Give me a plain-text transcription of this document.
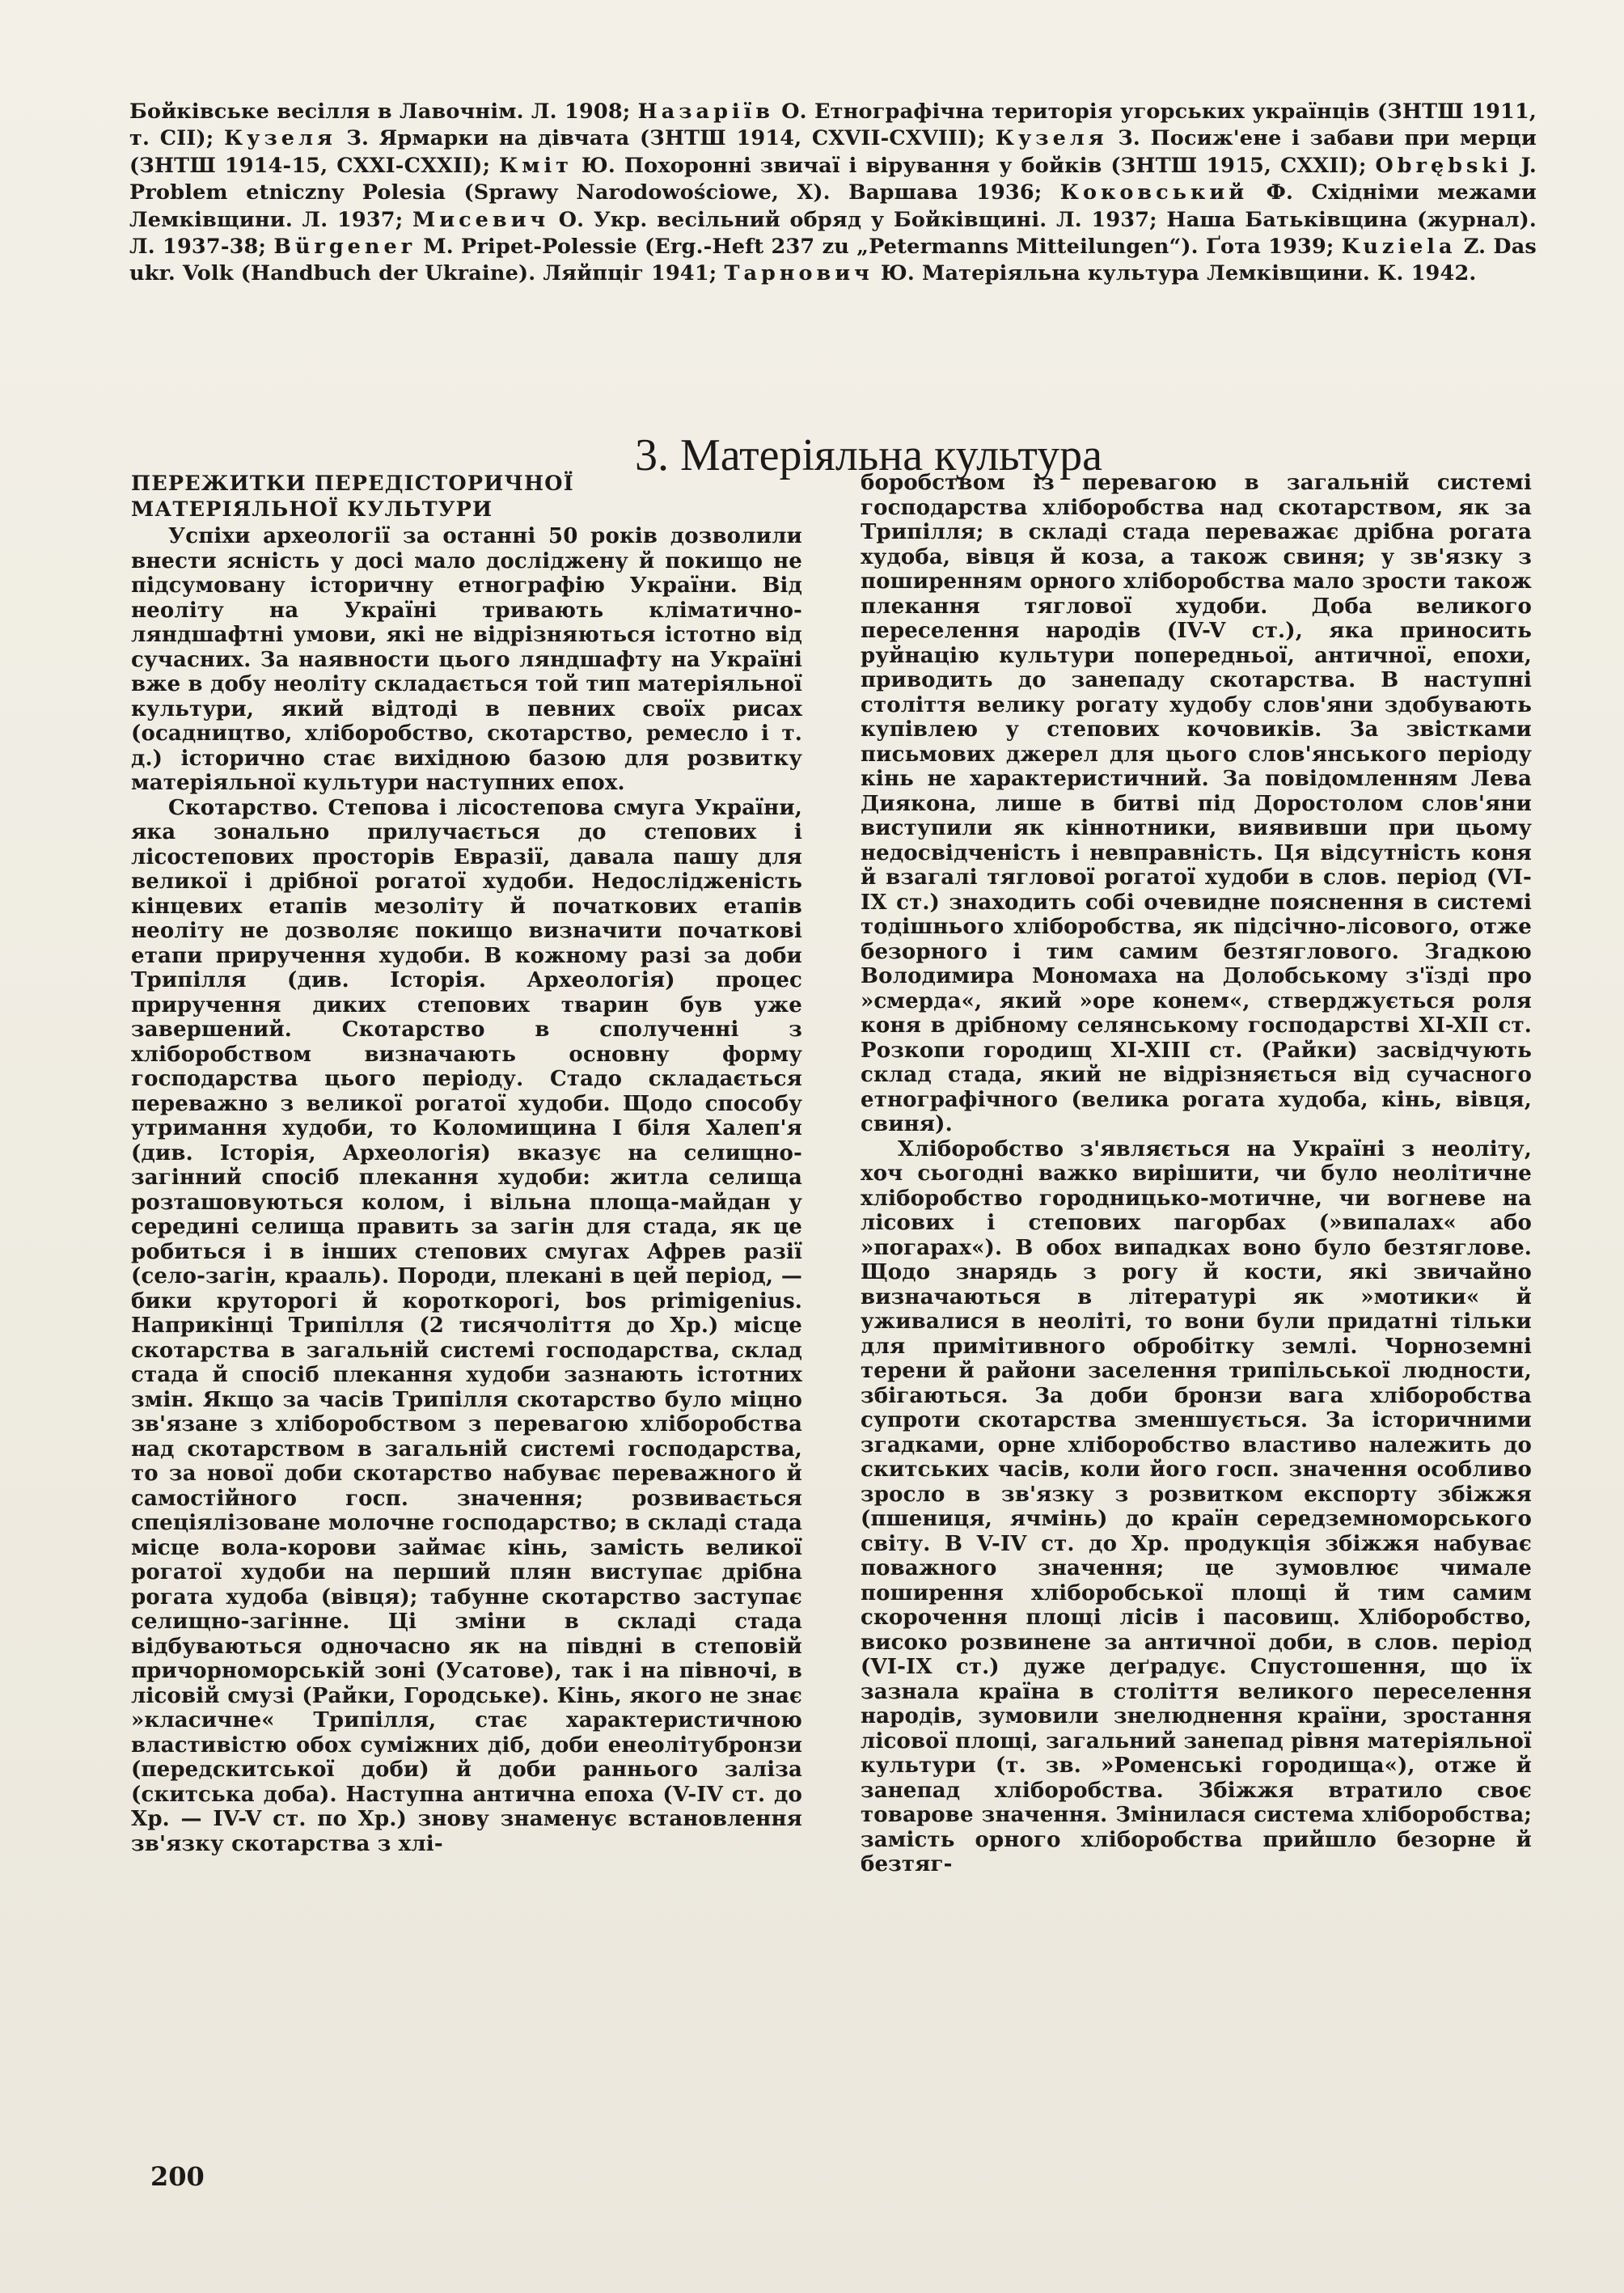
Бойківське весілля в Лавочнім. Л. 1908; Назарiїв О. Етнографічна територія угорських українців (ЗНТШ 1911, т. СІІ); Кузеля З. Ярмарки на дівчата (ЗНТШ 1914, CXVII-CXVIII); Кузеля З. Посиж'ене і забави при мерци (ЗНТШ 1914-15, CXXI-CXXII); Кміт Ю. Похоронні звичаї і вірування у бойків (ЗНТШ 1915, CXXII); Obrębski J. Problem etniczny Polesia (Sprawy Narodowościowe, X). Варшава 1936; Коковський Ф. Східніми межами Лемківщини. Л. 1937; Мисевич О. Укр. весільний обряд у Бойківщині. Л. 1937; Наша Батьківщина (журнал). Л. 1937-38; Bürgener M. Pripet-Polessie (Erg.-Heft 237 zu „Petermanns Mitteilungen“). Ґота 1939; Kuziela Z. Das ukr. Volk (Handbuch der Ukraine). Ляйпціг 1941; Тарнович Ю. Матеріяльна культура Лемківщини. К. 1942.
3. Матеріяльна культура
ПЕРЕЖИТКИ ПЕРЕДІСТОРИЧНОЇ
МАТЕРІЯЛЬНОЇ КУЛЬТУРИ

Успіхи археології за останні 50 років дозволили внести ясність у досі мало досліджену й покищо не підсумовану історичну етнографію України. Від неоліту на Україні тривають кліматично-ляндшафтні умови, які не відрізняються істотно від сучасних. За наявности цього ляндшафту на Україні вже в добу неоліту складається той тип матеріяльної культури, який відтоді в певних своїх рисах (осадництво, хліборобство, скотарство, ремесло і т. д.) історично стає вихідною базою для розвитку матеріяльної культури наступних епох.

Скотарство. Степова і лісостепова смуга України, яка зонально прилучається до степових і лісостепових просторів Евразії, давала пашу для великої і дрібної рогатої худоби. Недослідженість кінцевих етапів мезоліту й початкових етапів неоліту не дозволяє покищо визначити початкові етапи приручення худоби. В кожному разі за доби Трипілля (див. Історія. Археологія) процес приручення диких степових тварин був уже завершений. Скотарство в сполученні з хліборобством визначають основну форму господарства цього періоду. Стадо складається переважно з великої рогатої худоби. Щодо способу утримання худоби, то Коломищина І біля Халеп'я (див. Історія, Археологія) вказує на селищно-загінний спосіб плекання худоби: житла селища розташовуються колом, і вільна площа-майдан у середині селища править за загін для стада, як це робиться і в інших степових смугах Афрев разії (село-загін, крааль). Породи, плекані в цей період, — бики круторогі й короткорогі, bos primigenius. Наприкінці Трипілля (2 тисячоліття до Хр.) місце скотарства в загальній системі господарства, склад стада й спосіб плекання худоби зазнають істотних змін. Якщо за часів Трипілля скотарство було міцно зв'язане з хліборобством з перевагою хліборобства над скотарством в загальній системі господарства, то за нової доби скотарство набуває переважного й самостійного госп. значення; розвивається спеціялізоване молочне господарство; в складі стада місце вола-корови займає кінь, замість великої рогатої худоби на перший плян виступає дрібна рогата худоба (вівця); табунне скотарство заступає селищно-загінне. Ці зміни в складі стада відбуваються одночасно як на півдні в степовій причорноморській зоні (Усатове), так і на півночі, в лісовій смузі (Райки, Городське). Кінь, якого не знає »класичне« Трипілля, стає характеристичною властивістю обох суміжних діб, доби енеолітубронзи (передскитської доби) й доби раннього заліза (скитська доба). Наступна антична епоха (V-IV ст. до Хр. — IV-V ст. по Хр.) знову знаменує встановлення зв'язку скотарства з хлі-

боробством із перевагою в загальній системі господарства хліборобства над скотарством, як за Трипілля; в складі стада переважає дрібна рогата худоба, вівця й коза, а також свиня; у зв'язку з поширенням орного хліборобства мало зрости також плекання тяглової худоби. Доба великого переселення народів (IV-V ст.), яка приносить руйнацію культури попередньої, античної, епохи, приводить до занепаду скотарства. В наступні століття велику рогату худобу слов'яни здобувають купівлею у степових кочовиків. За звістками письмових джерел для цього слов'янського періоду кінь не характеристичний. За повідомленням Лева Диякона, лише в битві під Доростолом слов'яни виступили як кіннотники, виявивши при цьому недосвідченість і невправність. Ця відсутність коня й взагалі тяглової рогатої худоби в слов. період (VI-IX ст.) знаходить собі очевидне пояснення в системі тодішнього хліборобства, як підсічно-лісового, отже безорного і тим самим безтяглового. Згадкою Володимира Мономаха на Долобському з'їзді про »смерда«, який »оре конем«, стверджується роля коня в дрібному селянському господарстві XI-XII ст. Розкопи городищ XI-XIII ст. (Райки) засвідчують склад стада, який не відрізняється від сучасного етнографічного (велика рогата худоба, кінь, вівця, свиня).

Хліборобство з'являється на Україні з неоліту, хоч сьогодні важко вирішити, чи було неолітичне хліборобство городницько-мотичне, чи вогневе на лісових і степових пагорбах (»випалах« або »погарах«). В обох випадках воно було безтяглове. Щодо знарядь з рогу й кости, які звичайно визначаються в літературі як »мотики« й уживалися в неоліті, то вони були придатні тільки для примітивного обробітку землі. Чорноземні терени й райони заселення трипільської людности, збігаються. За доби бронзи вага хліборобства супроти скотарства зменшується. За історичними згадками, орне хліборобство властиво належить до скитських часів, коли його госп. значення особливо зросло в зв'язку з розвитком експорту збіжжя (пшениця, ячмінь) до країн середземноморського світу. В V-IV ст. до Хр. продукція збіжжя набуває поважного значення; це зумовлює чимале поширення хліборобської площі й тим самим скорочення площі лісів і пасовищ. Хліборобство, високо розвинене за античної доби, в слов. період (VI-IX ст.) дуже деґрадує. Спустошення, що їх зазнала країна в століття великого переселення народів, зумовили знелюднення країни, зростання лісової площі, загальний занепад рівня матеріяльної культури (т. зв. »Роменські городища«), отже й занепад хліборобства. Збіжжя втратило своє товарове значення. Змінилася система хліборобства; замість орного хліборобства прийшло безорне й безтяг-

200
